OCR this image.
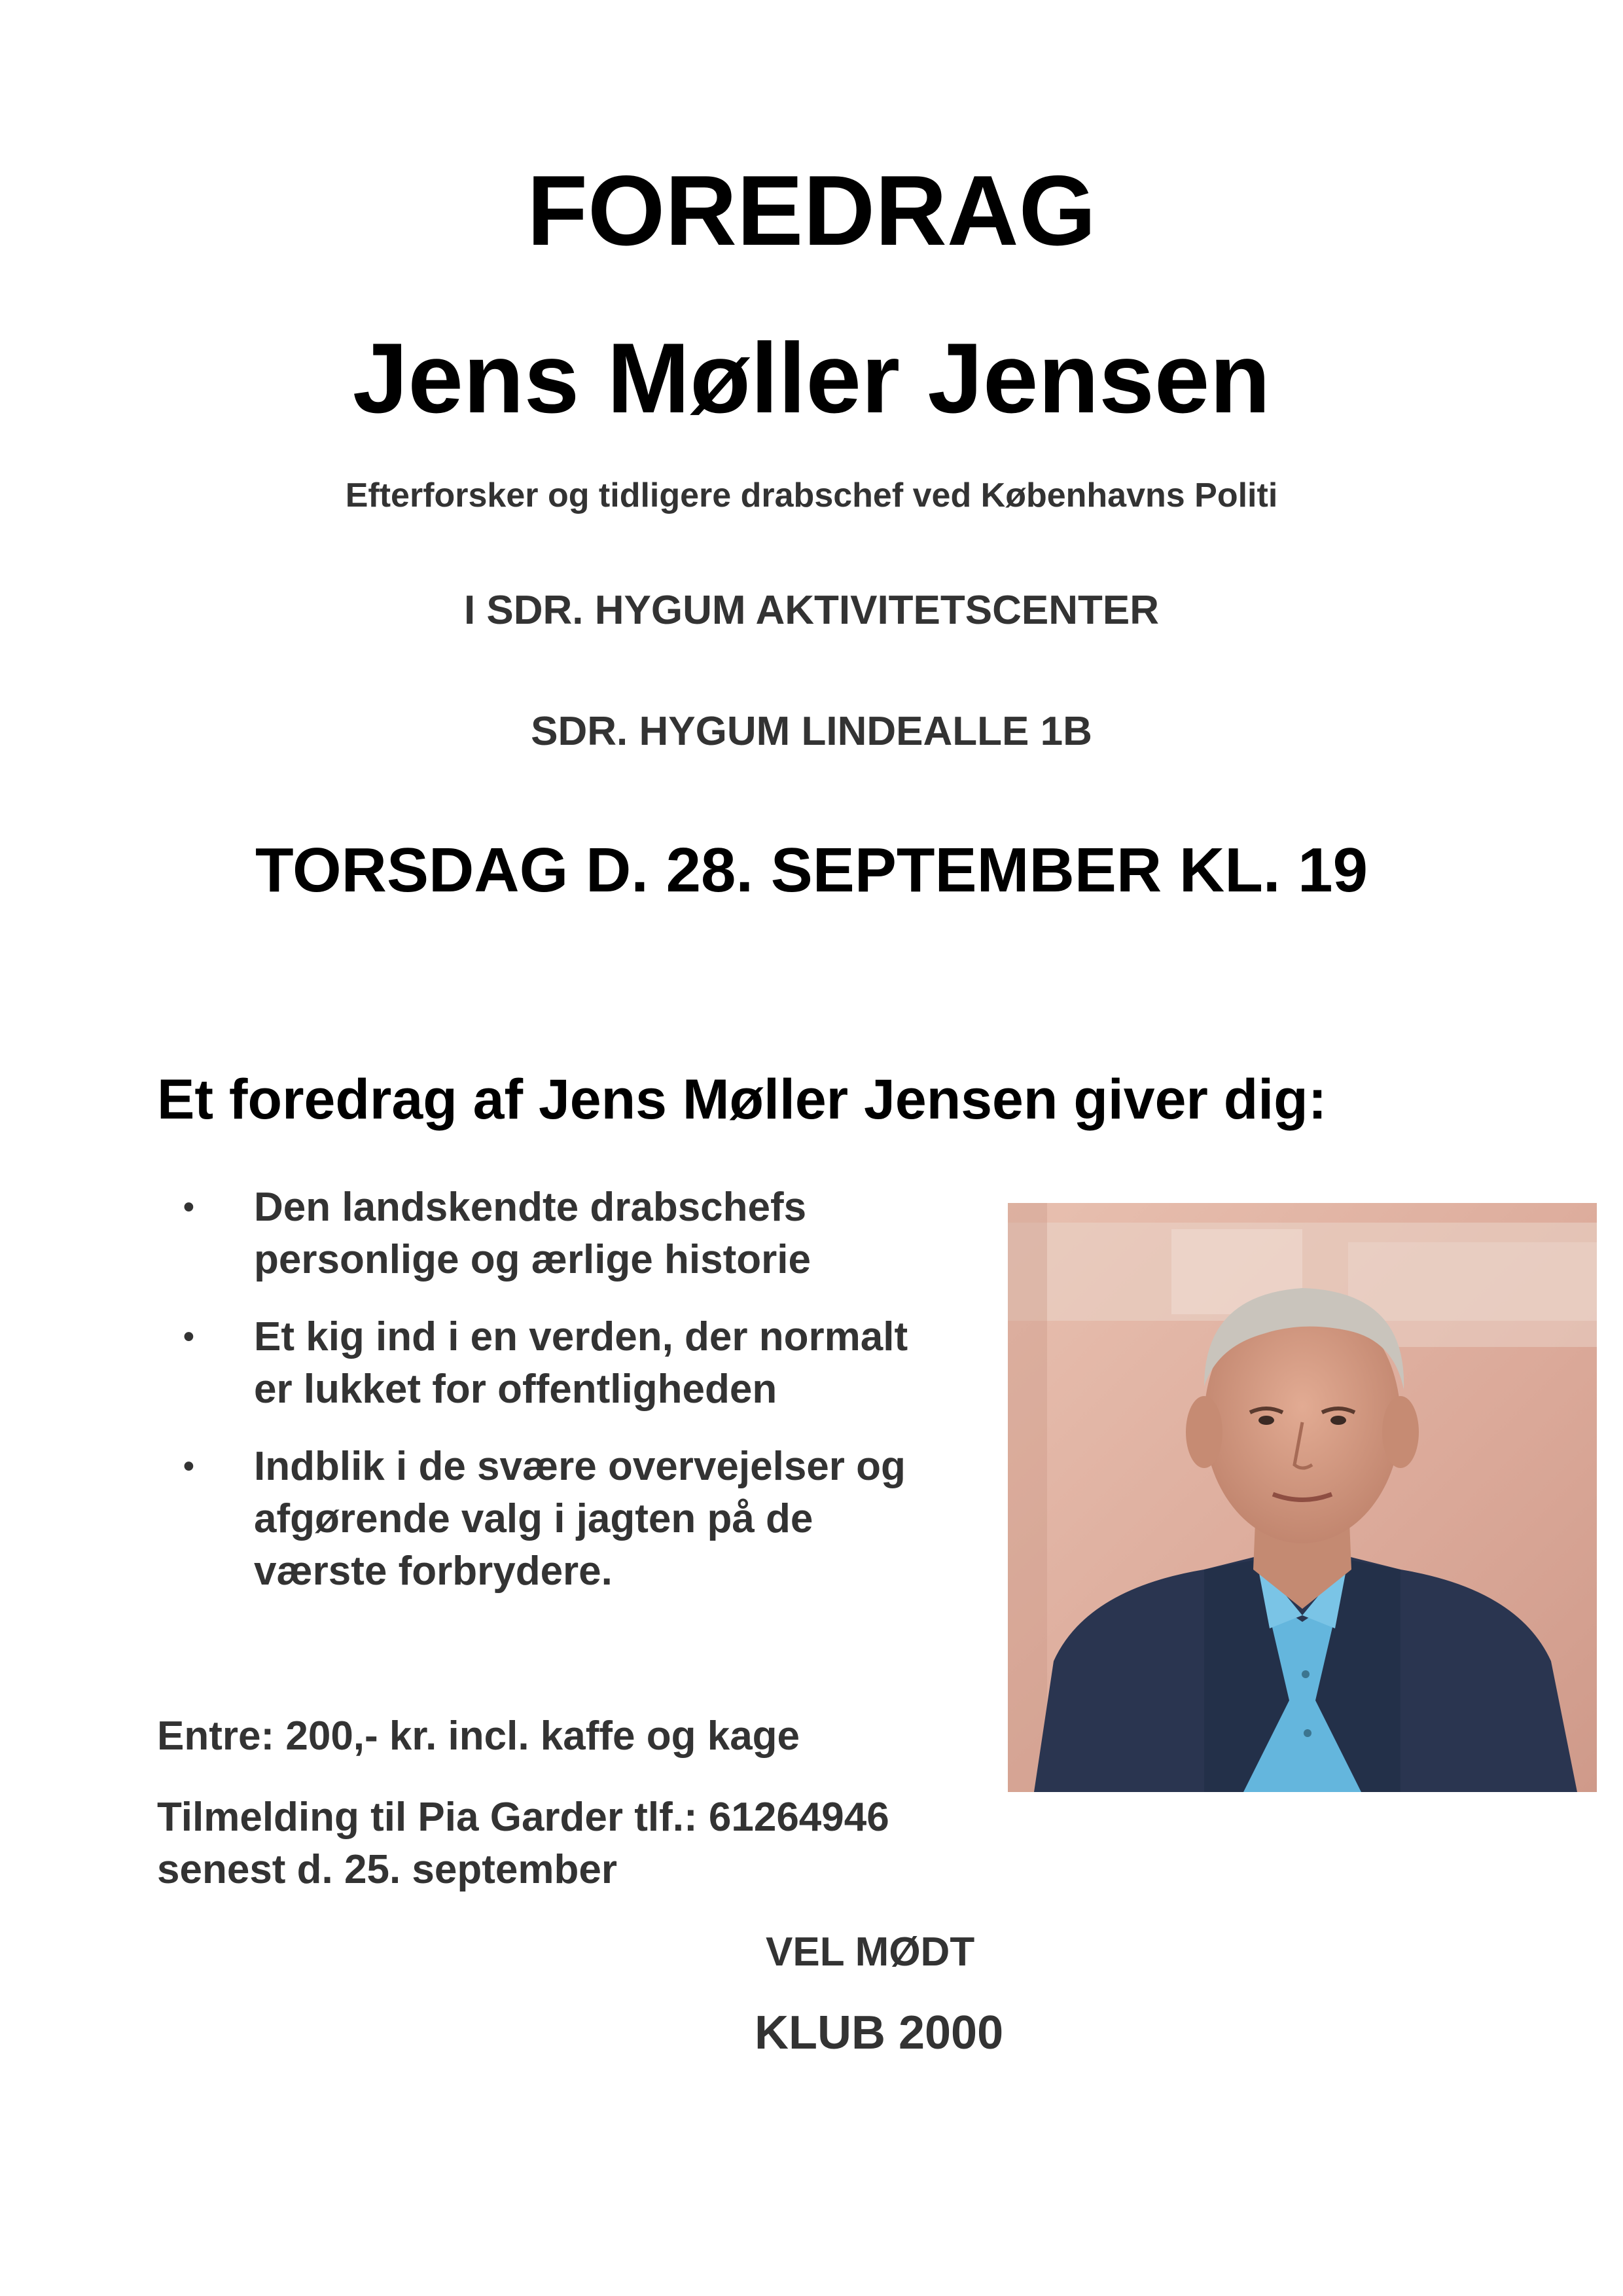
FOREDRAG
Jens Møller Jensen
Efterforsker og tidligere drabschef ved Københavns Politi
I SDR. HYGUM AKTIVITETSCENTER
SDR. HYGUM LINDEALLE 1B
TORSDAG D. 28. SEPTEMBER KL. 19
Et foredrag af Jens Møller Jensen giver dig:
• Den landskendte drabschefs
personlige og ærlige historie
• Et kig ind i en verden, der normalt
er lukket for offentligheden
• Indblik i de svære overvejelser og
afgørende valg i jagten på de
værste forbrydere.
Entre: 200,- kr. incl. kaffe og kage
Tilmelding til Pia Garder tlf.: 61264946
senest d. 25. september
VEL MØDT
KLUB 2000
